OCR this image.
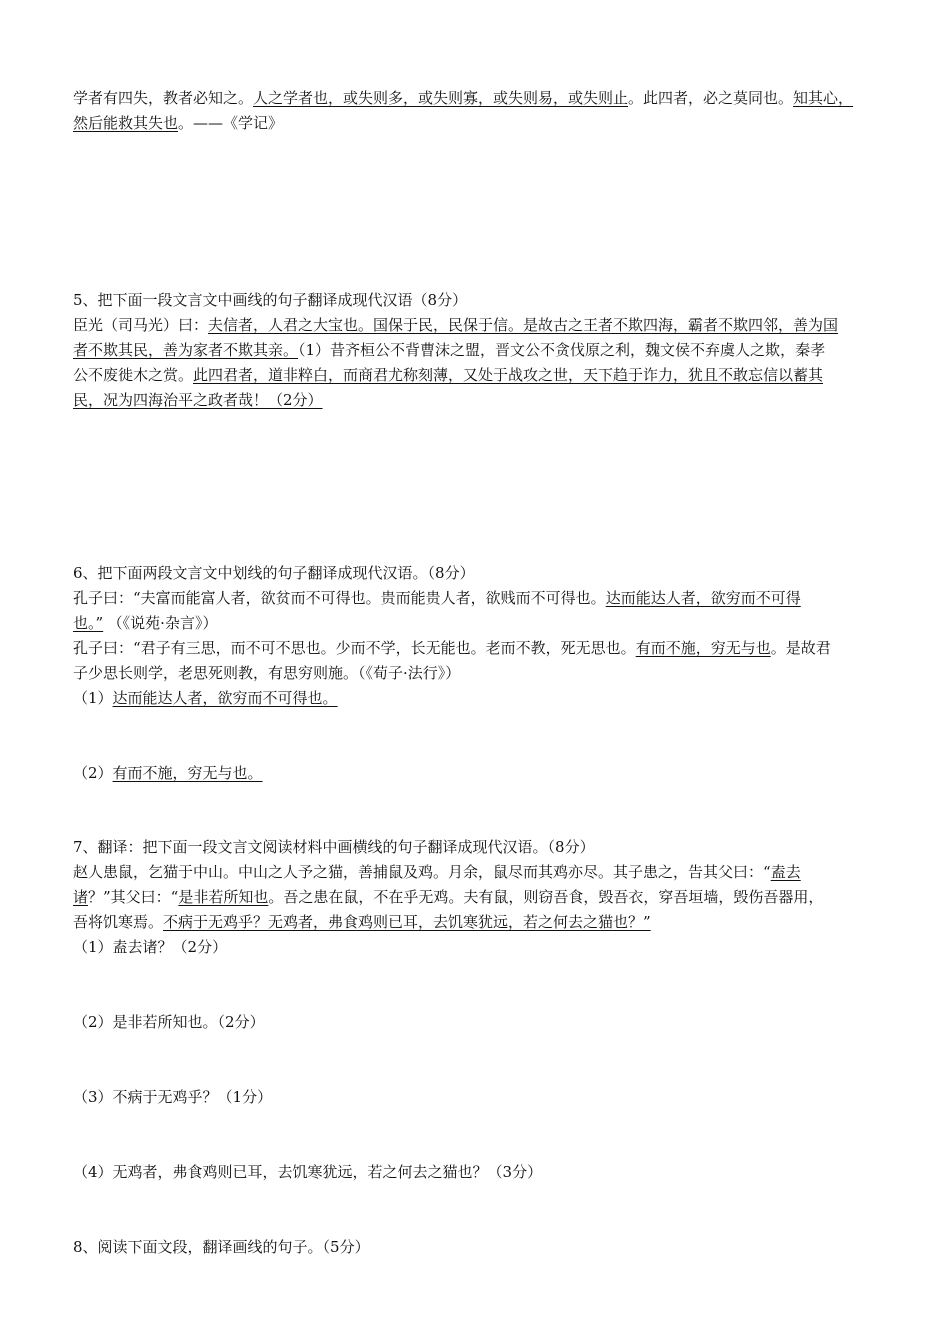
学者有四失，教者必知之。人之学者也，或失则多，或失则寡，或失则易，或失则止。此四者，必之莫同也。知其心，
然后能救其失也。——《学记》
5、把下面一段文言文中画线的句子翻译成现代汉语（8分）
臣光（司马光）曰：夫信者，人君之大宝也。国保于民，民保于信。是故古之王者不欺四海，霸者不欺四邻，善为国
者不欺其民，善为家者不欺其亲。（1）昔齐桓公不背曹沫之盟，晋文公不贪伐原之利，魏文侯不弃虞人之欺，秦孝
公不废徙木之赏。此四君者，道非粹白，而商君尤称刻薄，又处于战攻之世，天下趋于诈力，犹且不敢忘信以蓄其
民，况为四海治平之政者哉！（2分）
6、把下面两段文言文中划线的句子翻译成现代汉语。（8分）
孔子曰：“夫富而能富人者，欲贫而不可得也。贵而能贵人者，欲贱而不可得也。达而能达人者，欲穷而不可得
也。” （《说苑·杂言》）
孔子曰：“君子有三思，而不可不思也。少而不学，长无能也。老而不教，死无思也。有而不施，穷无与也。是故君
子少思长则学，老思死则教，有思穷则施。（《荀子·法行》）
（1）达而能达人者，欲穷而不可得也。
（2）有而不施，穷无与也。
7、翻译：把下面一段文言文阅读材料中画横线的句子翻译成现代汉语。（8分）
赵人患鼠，乞猫于中山。中山之人予之猫，善捕鼠及鸡。月余，鼠尽而其鸡亦尽。其子患之，告其父曰：“盍去
诸？”其父曰：“是非若所知也。吾之患在鼠，不在乎无鸡。夫有鼠，则窃吾食，毁吾衣，穿吾垣墙，毁伤吾器用，
吾将饥寒焉。不病于无鸡乎？无鸡者，弗食鸡则已耳，去饥寒犹远，若之何去之猫也？”
（1）盍去诸？（2分）
（2）是非若所知也。（2分）
（3）不病于无鸡乎？（1分）
（4）无鸡者，弗食鸡则已耳，去饥寒犹远，若之何去之猫也？（3分）
8、阅读下面文段，翻译画线的句子。（5分）
